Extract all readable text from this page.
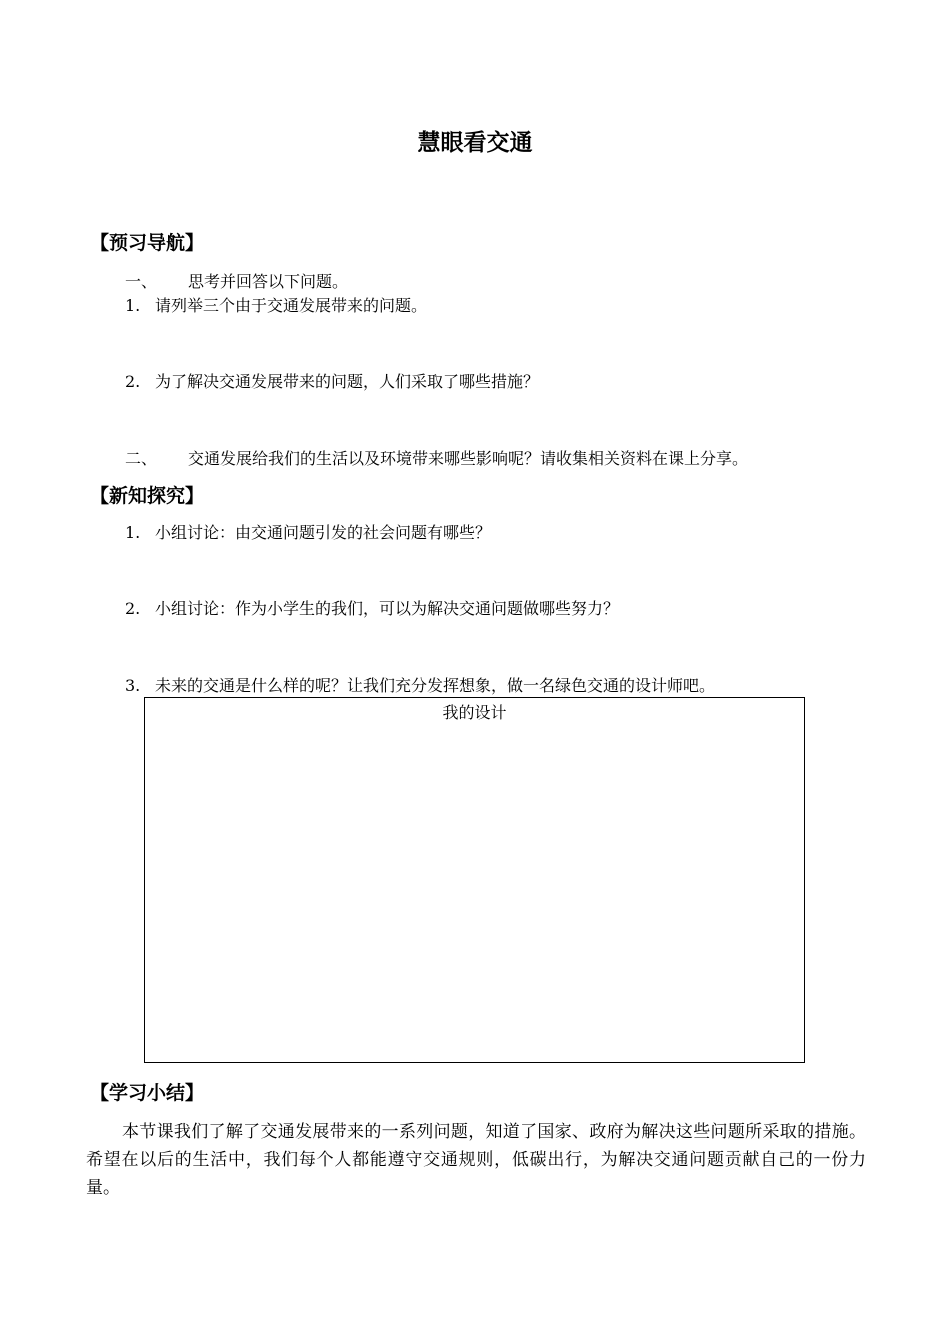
慧眼看交通
【预习导航】
一、 思考并回答以下问题。
1. 请列举三个由于交通发展带来的问题。
2. 为了解决交通发展带来的问题，人们采取了哪些措施？
二、 交通发展给我们的生活以及环境带来哪些影响呢？请收集相关资料在课上分享。
【新知探究】
1. 小组讨论：由交通问题引发的社会问题有哪些？
2. 小组讨论：作为小学生的我们，可以为解决交通问题做哪些努力？
3. 未来的交通是什么样的呢？让我们充分发挥想象，做一名绿色交通的设计师吧。
我的设计
【学习小结】
本节课我们了解了交通发展带来的一系列问题，知道了国家、政府为解决这些问题所采取的措施。希望在以后的生活中，我们每个人都能遵守交通规则，低碳出行，为解决交通问题贡献自己的一份力量。
